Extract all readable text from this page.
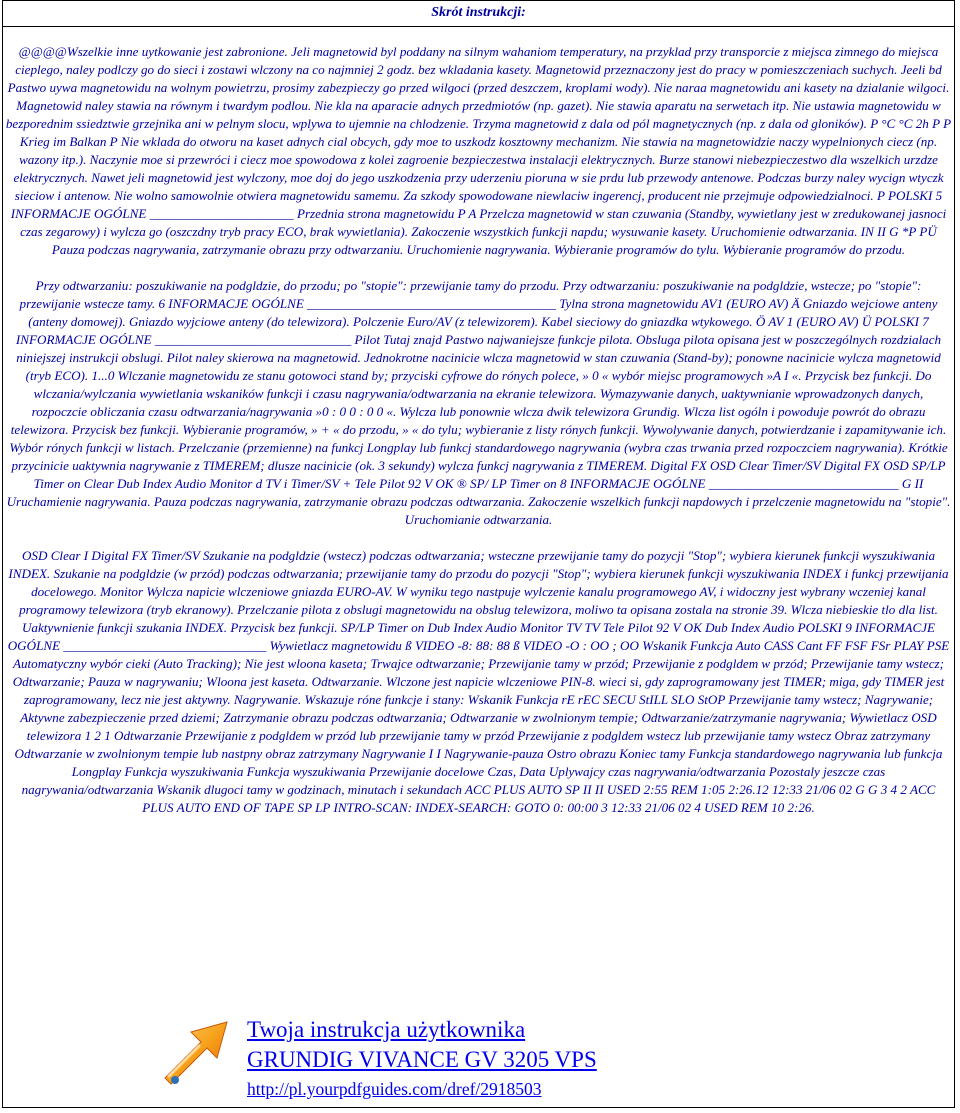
Skrót instrukcji:

@@@@Wszelkie inne uytkowanie jest zabronione. Jeli magnetowid byl poddany na silnym wahaniom temperatury, na przyklad przy transporcie z miejsca zimnego do miejsca cieplego, naley podlczy go do sieci i zostawi wlczony na co najmniej 2 godz. bez wkladania kasety. Magnetowid przeznaczony jest do pracy w pomieszczeniach suchych. Jeeli bd Pastwo uywa magnetowidu na wolnym powietrzu, prosimy zabezpieczy go przed wilgoci (przed deszczem, kroplami wody). Nie naraa magnetowidu ani kasety na dzialanie wilgoci. Magnetowid naley stawia na równym i twardym podlou. Nie kla na aparacie adnych przedmiotów (np. gazet). Nie stawia aparatu na serwetach itp. Nie ustawia magnetowidu w bezporednim ssiedztwie grzejnika ani w pelnym slocu, wplywa to ujemnie na chlodzenie. Trzyma magnetowid z dala od pól magnetycznych (np. z dala od gloników). P °C °C 2h P P Krieg im Balkan P Nie wklada do otworu na kaset adnych cial obcych, gdy moe to uszkodz kosztowny mechanizm. Nie stawia na magnetowidzie naczy wypelnionych ciecz (np. wazony itp.). Naczynie moe si przewróci i ciecz moe spowodowa z kolei zagroenie bezpieczestwa instalacji elektrycznych. Burze stanowi niebezpieczestwo dla wszelkich urzdze elektrycznych. Nawet jeli magnetowid jest wylczony, moe doj do jego uszkodzenia przy uderzeniu pioruna w sie prdu lub przewody antenowe. Podczas burzy naley wycign wtyczk sieciow i antenow. Nie wolno samowolnie otwiera magnetowidu samemu. Za szkody spowodowane niewlaciw ingerencj, producent nie przejmuje odpowiedzialnoci. P POLSKI 5 INFORMACJE OGÓLNE ______________________ Przednia strona magnetowidu P A Przelcza magnetowid w stan czuwania (Standby, wywietlany jest w zredukowanej jasnoci czas zegarowy) i wylcza go (oszczdny tryb pracy ECO, brak wywietlania). Zakoczenie wszystkich funkcji napdu; wysuwanie kasety. Uruchomienie odtwarzania. IN II G *P PÜ Pauza podczas nagrywania, zatrzymanie obrazu przy odtwarzaniu. Uruchomienie nagrywania. Wybieranie programów do tylu. Wybieranie programów do przodu.

Przy odtwarzaniu: poszukiwanie na podgldzie, do przodu; po "stopie": przewijanie tamy do przodu. Przy odtwarzaniu: poszukiwanie na podgldzie, wstecze; po "stopie": przewijanie wstecze tamy. 6 INFORMACJE OGÓLNE ______________________________________ Tylna strona magnetowidu AV1 (EURO AV) Ä Gniazdo wejciowe anteny (anteny domowej). Gniazdo wyjciowe anteny (do telewizora). Polczenie Euro/AV (z telewizorem). Kabel sieciowy do gniazdka wtykowego. Ö AV 1 (EURO AV) Ü POLSKI 7 INFORMACJE OGÓLNE ______________________________ Pilot Tutaj znajd Pastwo najwaniejsze funkcje pilota. Obsluga pilota opisana jest w poszczególnych rozdzialach niniejszej instrukcji obslugi. Pilot naley skierowa na magnetowid. Jednokrotne nacinicie wlcza magnetowid w stan czuwania (Stand-by); ponowne nacinicie wylcza magnetowid (tryb ECO). 1...0 Wlczanie magnetowidu ze stanu gotowoci stand by; przyciski cyfrowe do rónych polece, » 0 « wybór miejsc programowych »A I «. Przycisk bez funkcji. Do wlczania/wylczania wywietlania wskaników funkcji i czasu nagrywania/odtwarzania na ekranie telewizora. Wymazywanie danych, uaktywnianie wprowadzonych danych, rozpoczcie obliczania czasu odtwarzania/nagrywania »0 : 0 0 : 0 0 «. Wylcza lub ponownie wlcza dwik telewizora Grundig. Wlcza list ogóln i powoduje powrót do obrazu telewizora. Przycisk bez funkcji. Wybieranie programów, » + « do przodu, » « do tylu; wybieranie z listy rónych funkcji. Wywolywanie danych, potwierdzanie i zapamitywanie ich. Wybór rónych funkcji w listach. Przelczanie (przemienne) na funkcj Longplay lub funkcj standardowego nagrywania (wybra czas trwania przed rozpoczciem nagrywania). Krótkie przycinicie uaktywnia nagrywanie z TIMEREM; dlusze nacinicie (ok. 3 sekundy) wylcza funkcj nagrywania z TIMEREM. Digital FX OSD Clear Timer/SV Digital FX OSD SP/LP Timer on Clear Dub Index Audio Monitor d TV i Timer/SV + Tele Pilot 92 V OK ® SP/ LP Timer on 8 INFORMACJE OGÓLNE _____________________________ G II Uruchamienie nagrywania. Pauza podczas nagrywania, zatrzymanie obrazu podczas odtwarzania. Zakoczenie wszelkich funkcji napdowych i przelczenie magnetowidu na "stopie". Uruchomianie odtwarzania.

OSD Clear I Digital FX Timer/SV Szukanie na podgldzie (wstecz) podczas odtwarzania; wsteczne przewijanie tamy do pozycji "Stop"; wybiera kierunek funkcji wyszukiwania INDEX. Szukanie na podgldzie (w przód) podczas odtwarzania; przewijanie tamy do przodu do pozycji "Stop"; wybiera kierunek funkcji wyszukiwania INDEX i funkcj przewijania docelowego. Monitor Wylcza napicie wlczeniowe gniazda EURO-AV. W wyniku tego nastpuje wylczenie kanalu programowego AV, i widoczny jest wybrany wczeniej kanal programowy telewizora (tryb ekranowy). Przelczanie pilota z obslugi magnetowidu na obslug telewizora, moliwo ta opisana zostala na stronie 39. Wlcza niebieskie tlo dla list. Uaktywnienie funkcji szukania INDEX. Przycisk bez funkcji. SP/LP Timer on Dub Index Audio Monitor TV TV Tele Pilot 92 V OK Dub Index Audio POLSKI 9 INFORMACJE OGÓLNE _______________________________ Wywietlacz magnetowidu ß VIDEO -8: 88: 88 ß VIDEO -O : OO ; OO Wskanik Funkcja Auto CASS Cant FF FSF FSr PLAY PSE Automatyczny wybór cieki (Auto Tracking); Nie jest wloona kaseta; Trwajce odtwarzanie; Przewijanie tamy w przód; Przewijanie z podgldem w przód; Przewijanie tamy wstecz; Odtwarzanie; Pauza w nagrywaniu; Wloona jest kaseta. Odtwarzanie. Wlczone jest napicie wlczeniowe PIN-8. wieci si, gdy zaprogramowany jest TIMER; miga, gdy TIMER jest zaprogramowany, lecz nie jest aktywny. Nagrywanie. Wskazuje róne funkcje i stany: Wskanik Funkcja rE rEC SECU StILL SLO StOP Przewijanie tamy wstecz; Nagrywanie; Aktywne zabezpieczenie przed dziemi; Zatrzymanie obrazu podczas odtwarzania; Odtwarzanie w zwolnionym tempie; Odtwarzanie/zatrzymanie nagrywania; Wywietlacz OSD telewizora 1 2 1 Odtwarzanie Przewijanie z podgldem w przód lub przewijanie tamy w przód Przewijanie z podgldem wstecz lub przewijanie tamy wstecz Obraz zatrzymany Odtwarzanie w zwolnionym tempie lub nastpny obraz zatrzymany Nagrywanie I I Nagrywanie-pauza Ostro obrazu Koniec tamy Funkcja standardowego nagrywania lub funkcja Longplay Funkcja wyszukiwania Funkcja wyszukiwania Przewijanie docelowe Czas, Data Uplywajcy czas nagrywania/odtwarzania Pozostaly jeszcze czas nagrywania/odtwarzania Wskanik dlugoci tamy w godzinach, minutach i sekundach ACC PLUS AUTO SP II II USED 2:55 REM 1:05 2:26.12 12:33 21/06 02 G G 3 4 2 ACC PLUS AUTO END OF TAPE SP LP INTRO-SCAN: INDEX-SEARCH: GOTO 0: 00:00 3 12:33 21/06 02 4 USED REM 10 2:26.

Twoja instrukcja użytkownika
GRUNDIG VIVANCE GV 3205 VPS
http://pl.yourpdfguides.com/dref/2918503
